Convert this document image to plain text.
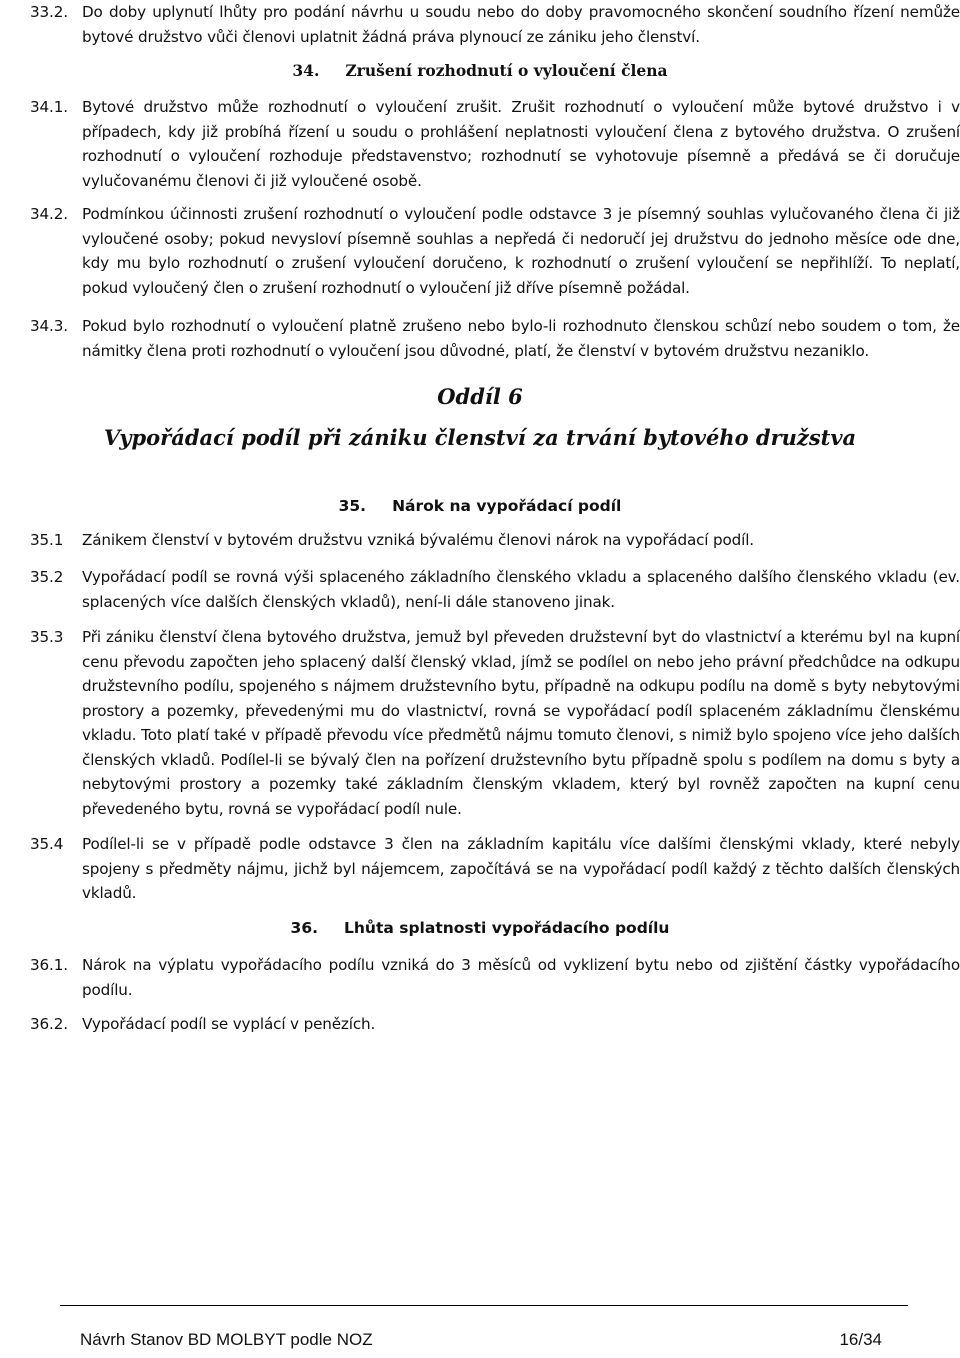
33.2. Do doby uplynutí lhůty pro podání návrhu u soudu nebo do doby pravomocného skončení soudního řízení nemůže bytové družstvo vůči členovi uplatnit žádná práva plynoucí ze zániku jeho členství.
34. Zrušení rozhodnutí o vyloučení člena
34.1. Bytové družstvo může rozhodnutí o vyloučení zrušit. Zrušit rozhodnutí o vyloučení může bytové družstvo i v případech, kdy již probíhá řízení u soudu o prohlášení neplatnosti vyloučení člena z bytového družstva. O zrušení rozhodnutí o vyloučení rozhoduje představenstvo; rozhodnutí se vyhotovuje písemně a předává se či doručuje vylučovanému členovi či již vyloučené osobě.
34.2. Podmínkou účinnosti zrušení rozhodnutí o vyloučení podle odstavce 3 je písemný souhlas vylučovaného člena či již vyloučené osoby; pokud nevysloví písemně souhlas a nepředá či nedoručí jej družstvu do jednoho měsíce ode dne, kdy mu bylo rozhodnutí o zrušení vyloučení doručeno, k rozhodnutí o zrušení vyloučení se nepřihlíží. To neplatí, pokud vyloučený člen o zrušení rozhodnutí o vyloučení již dříve písemně požádal.
34.3. Pokud bylo rozhodnutí o vyloučení platně zrušeno nebo bylo-li rozhodnuto členskou schůzí nebo soudem o tom, že námitky člena proti rozhodnutí o vyloučení jsou důvodné, platí, že členství v bytovém družstvu nezaniklo.
Oddíl 6
Vypořádací podíl při zániku členství za trvání bytového družstva
35. Nárok na vypořádací podíl
35.1 Zánikem členství v bytovém družstvu vzniká bývalému členovi nárok na vypořádací podíl.
35.2 Vypořádací podíl se rovná výši splaceného základního členského vkladu a splaceného dalšího členského vkladu (ev. splacených více dalších členských vkladů), není-li dále stanoveno jinak.
35.3 Při zániku členství člena bytového družstva, jemuž byl převeden družstevní byt do vlastnictví a kterému byl na kupní cenu převodu započten jeho splacený další členský vklad, jímž se podílel on nebo jeho právní předchůdce na odkupu družstevního podílu, spojeného s nájmem družstevního bytu, případně na odkupu podílu na domě s byty nebytovými prostory a pozemky, převedenými mu do vlastnictví, rovná se vypořádací podíl splaceném základnímu členskému vkladu. Toto platí také v případě převodu více předmětů nájmu tomuto členovi, s nimiž bylo spojeno více jeho dalších členských vkladů. Podílel-li se bývalý člen na pořízení družstevního bytu případně spolu s podílem na domu s byty a nebytovými prostory a pozemky také základním členským vkladem, který byl rovněž započten na kupní cenu převedeného bytu, rovná se vypořádací podíl nule.
35.4 Podílel-li se v případě podle odstavce 3 člen na základním kapitálu více dalšími členskými vklady, které nebyly spojeny s předměty nájmu, jichž byl nájemcem, započítává se na vypořádací podíl každý z těchto dalších členských vkladů.
36. Lhůta splatnosti vypořádacího podílu
36.1. Nárok na výplatu vypořádacího podílu vzniká do 3 měsíců od vyklizení bytu nebo od zjištění částky vypořádacího podílu.
36.2. Vypořádací podíl se vyplácí v penězích.
Návrh Stanov BD MOLBYT podle NOZ	16/34
